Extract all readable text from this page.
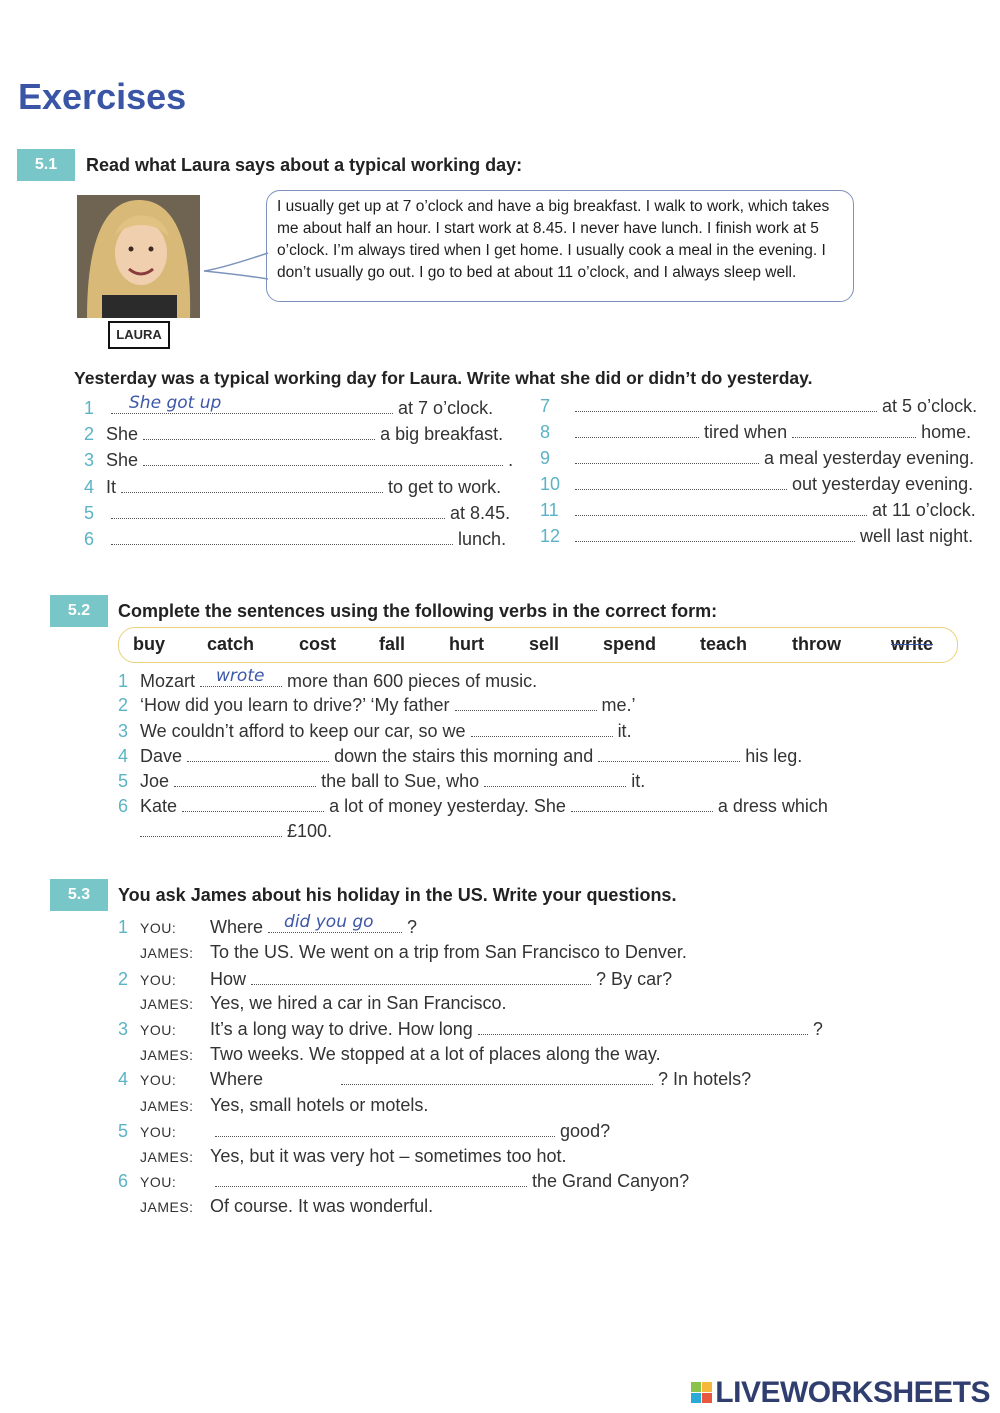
Exercises
5.1	Read what Laura says about a typical working day:
LAURA
I usually get up at 7 o’clock and have a big breakfast. I walk to work, which takes me about half an hour. I start work at 8.45. I never have lunch. I finish work at 5 o’clock. I’m always tired when I get home. I usually cook a meal in the evening. I don’t usually go out. I go to bed at about 11 o’clock, and I always sleep well.
Yesterday was a typical working day for Laura. Write what she did or didn’t do yesterday.
1 She got up	at 7 o’clock.
2 She	a big breakfast.
3 She	.
4 It	to get to work.
5	at 8.45.
6	lunch.
7	at 5 o’clock.
8	tired when	home.
9	a meal yesterday evening.
10	out yesterday evening.
11	at 11 o’clock.
12	well last night.
5.2	Complete the sentences using the following verbs in the correct form:
buy catch cost fall hurt	sell spend teach throw	write
1 Mozart wrote more than 600 pieces of music.
2 ‘How did you learn to drive?’ ‘My father	me.’
3 We couldn’t afford to keep our car, so we	it.
4 Dave	down the stairs this morning and	his leg.
5 Joe	the ball to Sue, who	it.
6 Kate	a lot of money yesterday. She	a dress which
£100.
5.3	You ask James about his holiday in the US. Write your questions.
1 YOU: Where did you go ?
JAMES: To the US. We went on a trip from San Francisco to Denver.
2 YOU: How	? By car?
JAMES: Yes, we hired a car in San Francisco.
3 YOU: It’s a long way to drive. How long	?
JAMES: Two weeks. We stopped at a lot of places along the way.
4 YOU: Where	? In hotels?
JAMES: Yes, small hotels or motels.
5 YOU:	good?
JAMES: Yes, but it was very hot – sometimes too hot.
6 YOU:	the Grand Canyon?
JAMES: Of course. It was wonderful.
LIVEWORKSHEETS
